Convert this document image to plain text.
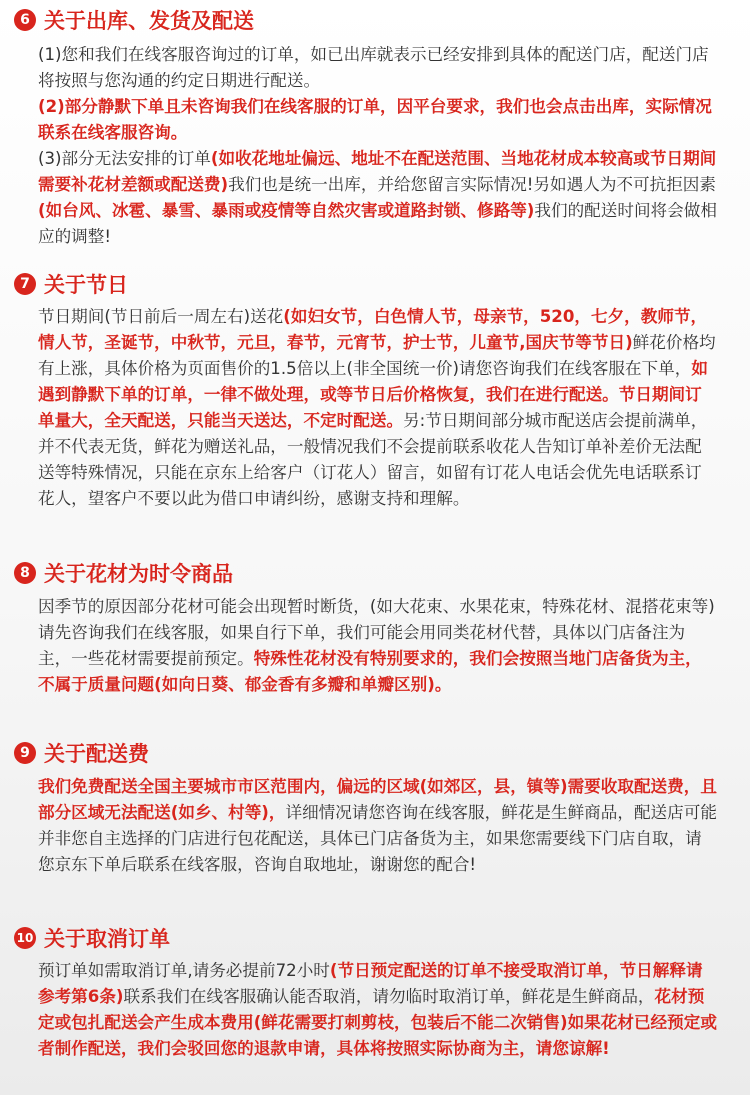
6 关于出库、发货及配送
(1)您和我们在线客服咨询过的订单，如已出库就表示已经安排到具体的配送门店，配送门店将按照与您沟通的约定日期进行配送。
(2)部分静默下单且未咨询我们在线客服的订单，因平台要求，我们也会点击出库，实际情况联系在线客服咨询。
(3)部分无法安排的订单(如收花地址偏远、地址不在配送范围、当地花材成本较高或节日期间需要补花材差额或配送费)我们也是统一出库，并给您留言实际情况!另如遇人为不可抗拒因素(如台风、冰雹、暴雪、暴雨或疫情等自然灾害或道路封锁、修路等)我们的配送时间将会做相应的调整!
7 关于节日
节日期间(节日前后一周左右)送花(如妇女节，白色情人节，母亲节，520，七夕，教师节，情人节，圣诞节，中秋节，元旦，春节，元宵节，护士节，儿童节,国庆节等节日)鲜花价格均有上涨，具体价格为页面售价的1.5倍以上(非全国统一价)请您咨询我们在线客服在下单，如遇到静默下单的订单，一律不做处理，或等节日后价格恢复，我们在进行配送。节日期间订单量大，全天配送，只能当天送达，不定时配送。另:节日期间部分城市配送店会提前满单，并不代表无货，鲜花为赠送礼品，一般情况我们不会提前联系收花人告知订单补差价无法配送等特殊情况，只能在京东上给客户（订花人）留言，如留有订花人电话会优先电话联系订花人，望客户不要以此为借口申请纠纷，感谢支持和理解。
8 关于花材为时令商品
因季节的原因部分花材可能会出现暂时断货，(如大花束、水果花束，特殊花材、混搭花束等)请先咨询我们在线客服，如果自行下单，我们可能会用同类花材代替，具体以门店备注为主，一些花材需要提前预定。特殊性花材没有特别要求的，我们会按照当地门店备货为主，不属于质量问题(如向日葵、郁金香有多瓣和单瓣区别)。
9 关于配送费
我们免费配送全国主要城市市区范围内，偏远的区域(如郊区，县，镇等)需要收取配送费，且部分区域无法配送(如乡、村等)，详细情况请您咨询在线客服，鲜花是生鲜商品，配送店可能并非您自主选择的门店进行包花配送，具体已门店备货为主，如果您需要线下门店自取，请您京东下单后联系在线客服，咨询自取地址，谢谢您的配合!
10 关于取消订单
预订单如需取消订单,请务必提前72小时(节日预定配送的订单不接受取消订单，节日解释请参考第6条)联系我们在线客服确认能否取消，请勿临时取消订单，鲜花是生鲜商品，花材预定或包扎配送会产生成本费用(鲜花需要打刺剪枝，包装后不能二次销售)如果花材已经预定或者制作配送，我们会驳回您的退款申请，具体将按照实际协商为主，请您谅解!
